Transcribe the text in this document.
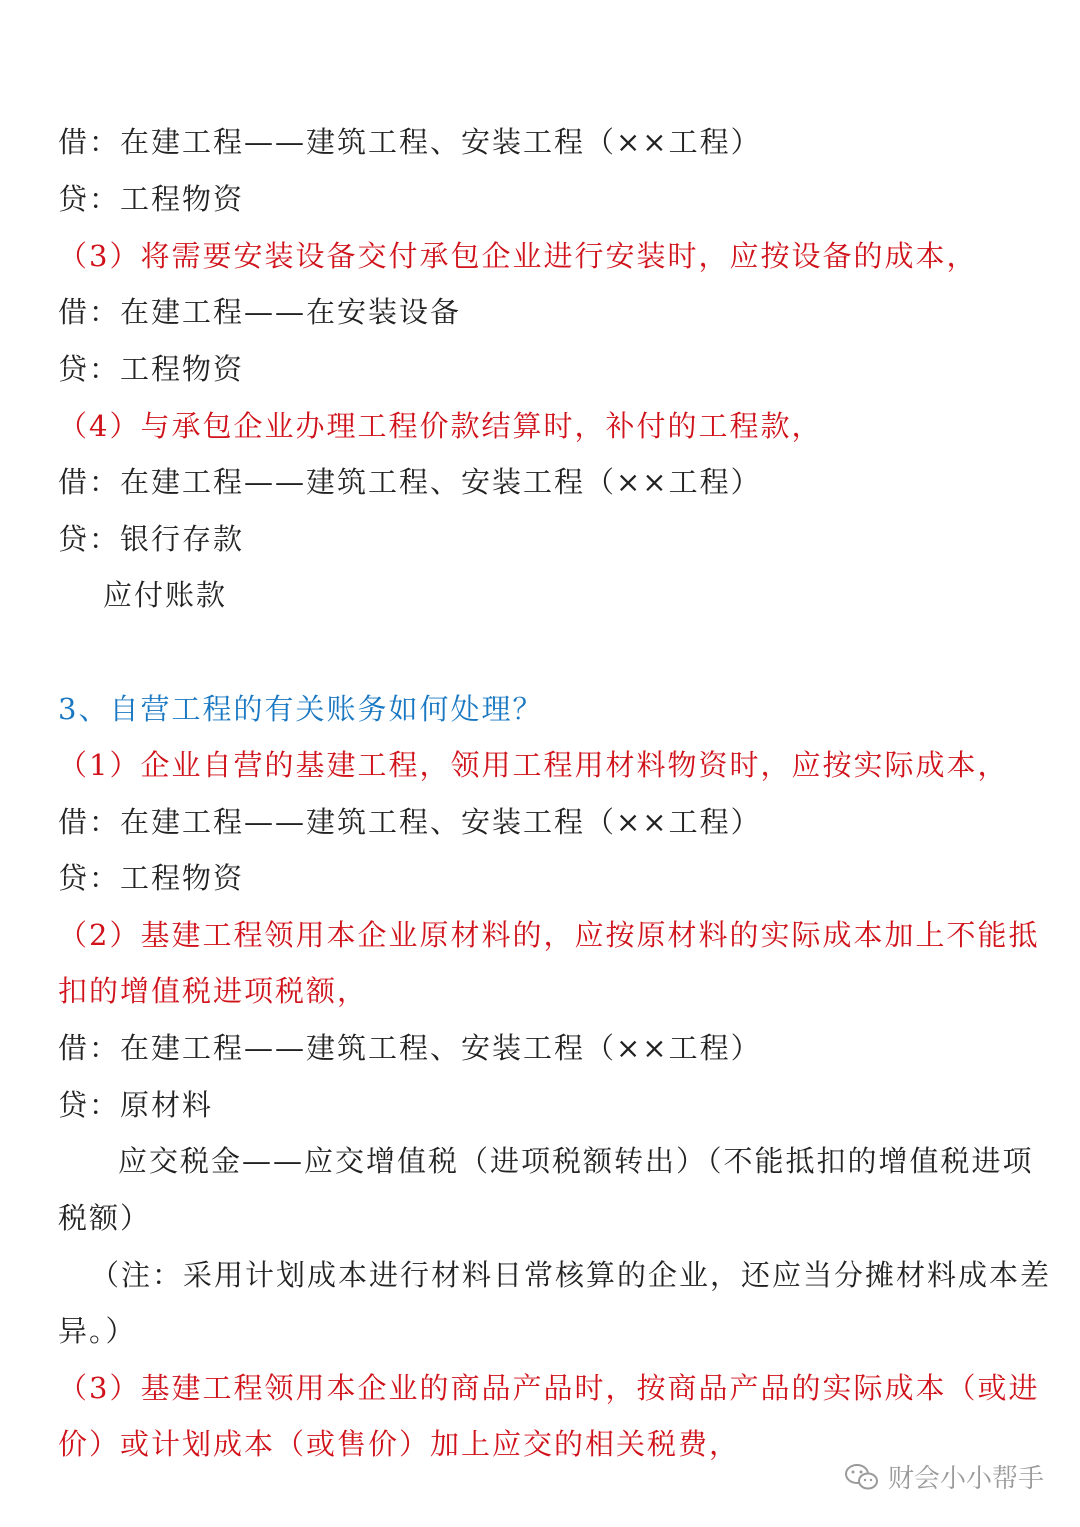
借：在建工程——建筑工程、安装工程（××工程）
贷：工程物资
（3）将需要安装设备交付承包企业进行安装时，应按设备的成本，
借：在建工程——在安装设备
贷：工程物资
（4）与承包企业办理工程价款结算时，补付的工程款，
借：在建工程——建筑工程、安装工程（××工程）
贷：银行存款
应付账款
3、自营工程的有关账务如何处理？
（1）企业自营的基建工程，领用工程用材料物资时，应按实际成本，
借：在建工程——建筑工程、安装工程（××工程）
贷：工程物资
（2）基建工程领用本企业原材料的，应按原材料的实际成本加上不能抵
扣的增值税进项税额，
借：在建工程——建筑工程、安装工程（××工程）
贷：原材料
应交税金——应交增值税（进项税额转出）（不能抵扣的增值税进项
税额）
（注：采用计划成本进行材料日常核算的企业，还应当分摊材料成本差
异。）
（3）基建工程领用本企业的商品产品时，按商品产品的实际成本（或进
价）或计划成本（或售价）加上应交的相关税费，
财会小小帮手
